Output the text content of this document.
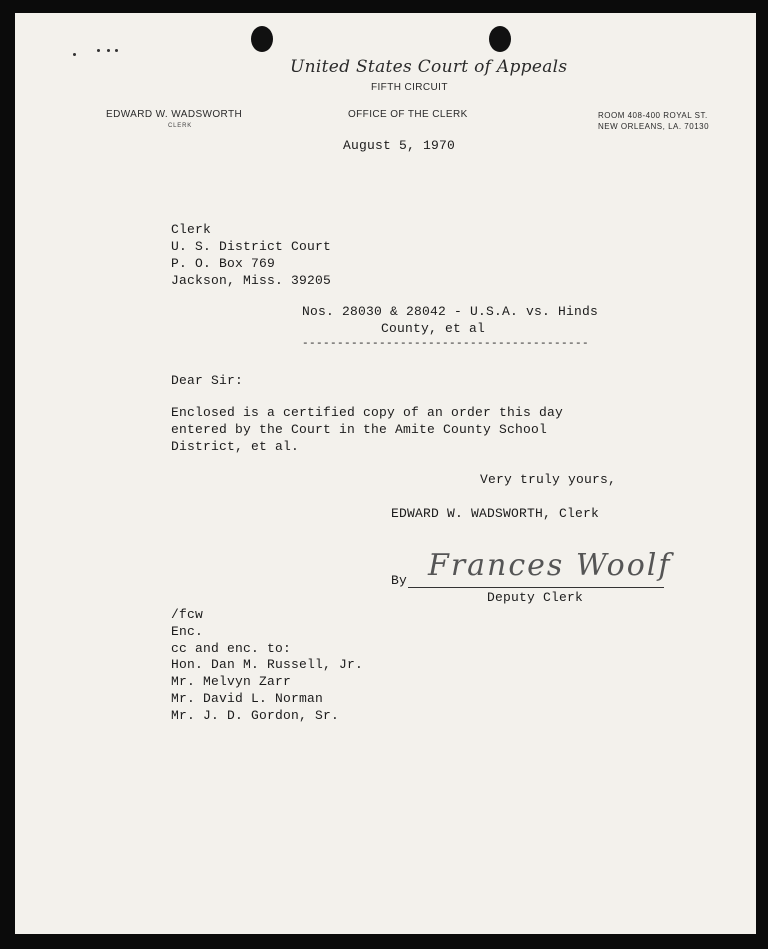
United States Court of Appeals
FIFTH CIRCUIT
EDWARD W. WADSWORTH
CLERK
OFFICE OF THE CLERK	ROOM 408-400 ROYAL ST.
NEW ORLEANS, LA. 70130
August 5, 1970
Clerk
U. S. District Court
P. O. Box 769
Jackson, Miss. 39205
Nos. 28030 & 28042 - U.S.A. vs. Hinds
County, et al
-----------------------------------------
Dear Sir:
Enclosed is a certified copy of an order this day
entered by the Court in the Amite County School
District, et al.
Very truly yours,
EDWARD W. WADSWORTH, Clerk
Frances Woolf
By
Deputy Clerk
/fcw
Enc.
cc and enc. to:
Hon. Dan M. Russell, Jr.
Mr. Melvyn Zarr
Mr. David L. Norman
Mr. J. D. Gordon, Sr.
